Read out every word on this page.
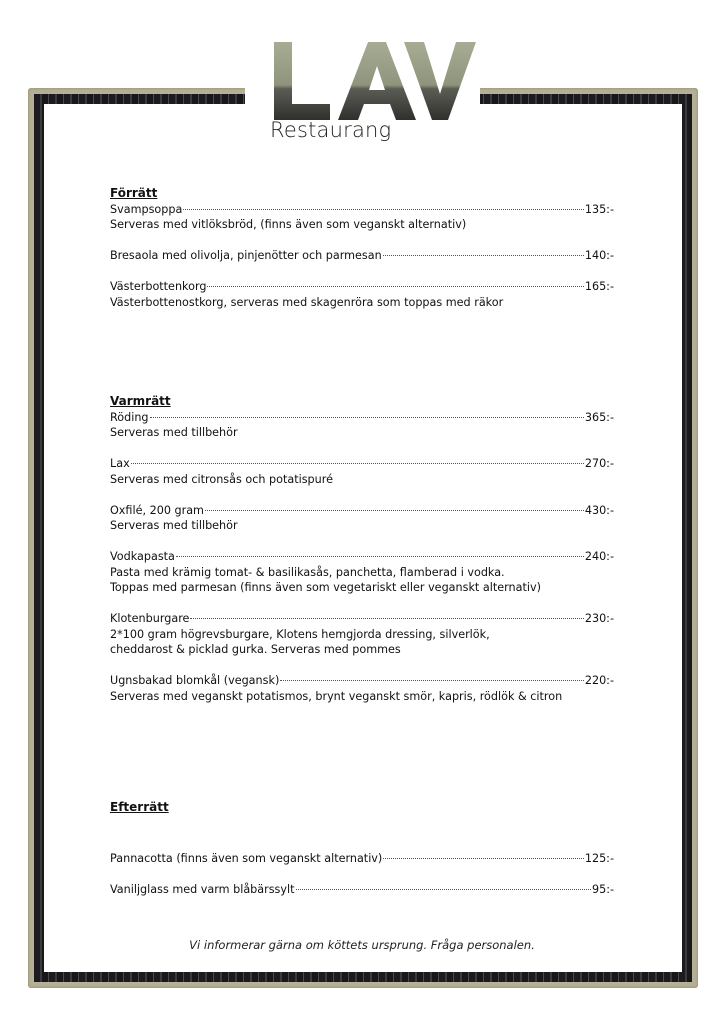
Restaurang
Förrätt
Svampsoppa	135:-
Serveras med vitlöksbröd, (finns även som veganskt alternativ)
Bresaola med olivolja, pinjenötter och parmesan	140:-
Västerbottenkorg	165:-
Västerbottenostkorg, serveras med skagenröra som toppas med räkor
Varmrätt
Röding	365:-
Serveras med tillbehör
Lax	270:-
Serveras med citronsås och potatispuré
Oxfilé, 200 gram	430:-
Serveras med tillbehör
Vodkapasta	240:-
Pasta med krämig tomat- & basilikasås, panchetta, flamberad i vodka.
Toppas med parmesan (finns även som vegetariskt eller veganskt alternativ)
Klotenburgare	230:-
2*100 gram högrevsburgare, Klotens hemgjorda dressing, silverlök,
cheddarost & picklad gurka. Serveras med pommes
Ugnsbakad blomkål (vegansk)	220:-
Serveras med veganskt potatismos, brynt veganskt smör, kapris, rödlök & citron
Efterrätt
Pannacotta (finns även som veganskt alternativ)	125:-
Vaniljglass med varm blåbärssylt	95:-
Vi informerar gärna om köttets ursprung. Fråga personalen.
